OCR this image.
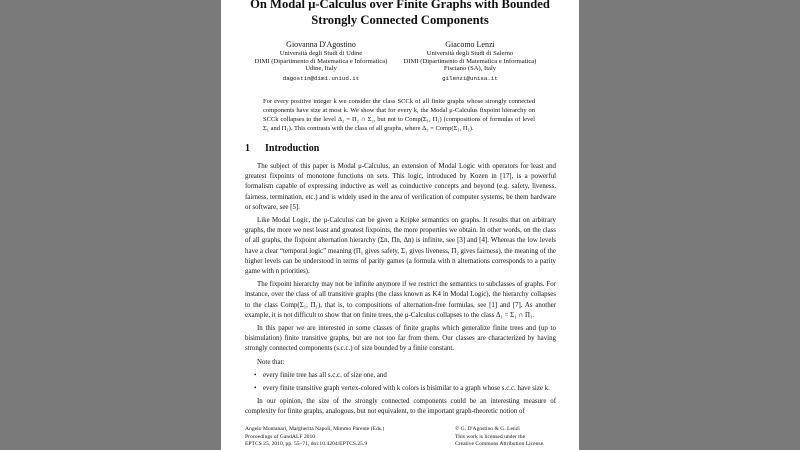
On Modal μ-Calculus over Finite Graphs with Bounded
Strongly Connected Components
Giovanna D'Agostino
Università degli Studi di Udine
DIMI (Dipartimento di Matematica e Informatica)
Udine, Italy
dagostin@dimi.uniud.it
Giacomo Lenzi
Università degli Studi di Salerno
DIMI (Dipartimento di Matematica e Informatica)
Fisciano (SA), Italy
gilenzi@unisa.it
For every positive integer k we consider the class SCCk of all finite graphs whose strongly connected components have size at most k. We show that for every k, the Modal μ-Calculus fixpoint hierarchy on SCCk collapses to the level Δ₂ = Π₂ ∩ Σ₂, but not to Comp(Σ₁, Π₁) (compositions of formulas of level Σ₁ and Π₁). This contrasts with the class of all graphs, where Δ₂ = Comp(Σ₁, Π₁).
1 Introduction

The subject of this paper is Modal μ-Calculus, an extension of Modal Logic with operators for least and greatest fixpoints of monotone functions on sets. This logic, introduced by Kozen in [17], is a powerful formalism capable of expressing inductive as well as coinductive concepts and beyond (e.g. safety, liveness, fairness, termination, etc.) and is widely used in the area of verification of computer systems, be them hardware or software, see [5].

Like Modal Logic, the μ-Calculus can be given a Kripke semantics on graphs. It results that on arbitrary graphs, the more we nest least and greatest fixpoints, the more properties we obtain. In other words, on the class of all graphs, the fixpoint alternation hierarchy (Σn, Πn, Δn) is infinite, see [3] and [4]. Whereas the low levels have a clear “temporal logic” meaning (Π₁ gives safety, Σ₁ gives liveness, Π₂ gives fairness), the meaning of the higher levels can be understood in terms of parity games (a formula with n alternations corresponds to a parity game with n priorities).

The fixpoint hierarchy may not be infinite anymore if we restrict the semantics to subclasses of graphs. For instance, over the class of all transitive graphs (the class known as K4 in Modal Logic), the hierarchy collapses to the class Comp(Σ₁, Π₁), that is, to compositions of alternation-free formulas, see [1] and [7]. As another example, it is not difficult to show that on finite trees, the μ-Calculus collapses to the class Δ₁ = Σ₁ ∩ Π₁.

In this paper we are interested in some classes of finite graphs which generalize finite trees and (up to bisimulation) finite transitive graphs, but are not too far from them. Our classes are characterized by having strongly connected components (s.c.c.) of size bounded by a finite constant.

Note that:

• every finite tree has all s.c.c. of size one, and
• every finite transitive graph vertex-colored with k colors is bisimilar to a graph whose s.c.c. have size k.

In our opinion, the size of the strongly connected components could be an interesting measure of complexity for finite graphs, analogous, but not equivalent, to the important graph-theoretic notion of

Angelo Montanari, Margherita Napoli, Mimmo Parente (Eds.)
Proceedings of GandALF 2010
EPTCS 25, 2010, pp. 55–71, doi:10.4204/EPTCS.25.9
© G. D'Agostino & G. Lenzi
This work is licensed under the
Creative Commons Attribution License.
